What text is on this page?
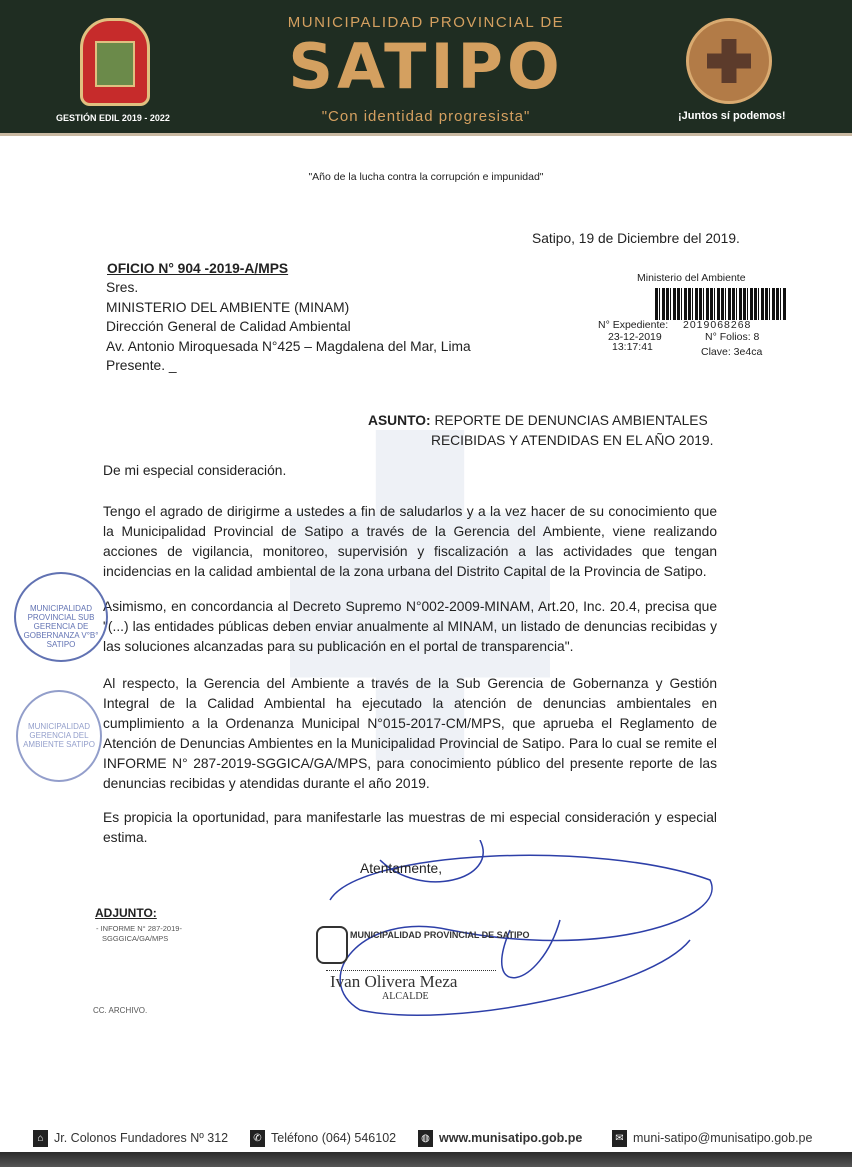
MUNICIPALIDAD PROVINCIAL DE
SATIPO
"Con identidad progresista"
GESTIÓN EDIL 2019 - 2022	¡Juntos sí podemos!
"Año de la lucha contra la corrupción e impunidad"
Satipo, 19 de Diciembre del 2019.
OFICIO N° 904 -2019-A/MPS
Sres.
MINISTERIO DEL AMBIENTE (MINAM)
Dirección General de Calidad Ambiental
Av. Antonio Miroquesada N°425 – Magdalena del Mar, Lima
Presente. _
Ministerio del Ambiente
N° Expediente: 2019068268
23-12-2019
13:17:41
N° Folios: 8
Clave: 3e4ca
ASUNTO: REPORTE DE DENUNCIAS AMBIENTALES
RECIBIDAS Y ATENDIDAS EN EL AÑO 2019.
De mi especial consideración.
Tengo el agrado de dirigirme a ustedes a fin de saludarlos y a la vez hacer de su conocimiento que la Municipalidad Provincial de Satipo a través de la Gerencia del Ambiente, viene realizando acciones de vigilancia, monitoreo, supervisión y fiscalización a las actividades que tengan incidencias en la calidad ambiental de la zona urbana del Distrito Capital de la Provincia de Satipo.
Asimismo, en concordancia al Decreto Supremo N°002-2009-MINAM, Art.20, Inc. 20.4, precisa que "(...) las entidades públicas deben enviar anualmente al MINAM, un listado de denuncias recibidas y las soluciones alcanzadas para su publicación en el portal de transparencia".
Al respecto, la Gerencia del Ambiente a través de la Sub Gerencia de Gobernanza y Gestión Integral de la Calidad Ambiental ha ejecutado la atención de denuncias ambientales en cumplimiento a la Ordenanza Municipal N°015-2017-CM/MPS, que aprueba el Reglamento de Atención de Denuncias Ambientes en la Municipalidad Provincial de Satipo. Para lo cual se remite el INFORME N° 287-2019-SGGICA/GA/MPS, para conocimiento público del presente reporte de las denuncias recibidas y atendidas durante el año 2019.
Es propicia la oportunidad, para manifestarle las muestras de mi especial consideración y especial estima.
MUNICIPALIDAD PROVINCIAL SUB GERENCIA DE GOBERNANZA V°B° SATIPO
MUNICIPALIDAD GERENCIA DEL AMBIENTE SATIPO
Atentamente,
MUNICIPALIDAD PROVINCIAL DE SATIPO
Ivan Olivera Meza
ALCALDE
ADJUNTO:
- INFORME N° 287-2019-
SGGGICA/GA/MPS
CC. ARCHIVO.
⌂ Jr. Colonos Fundadores Nº 312	✆ Teléfono (064) 546102	◍ www.munisatipo.gob.pe	✉ muni-satipo@munisatipo.gob.pe
